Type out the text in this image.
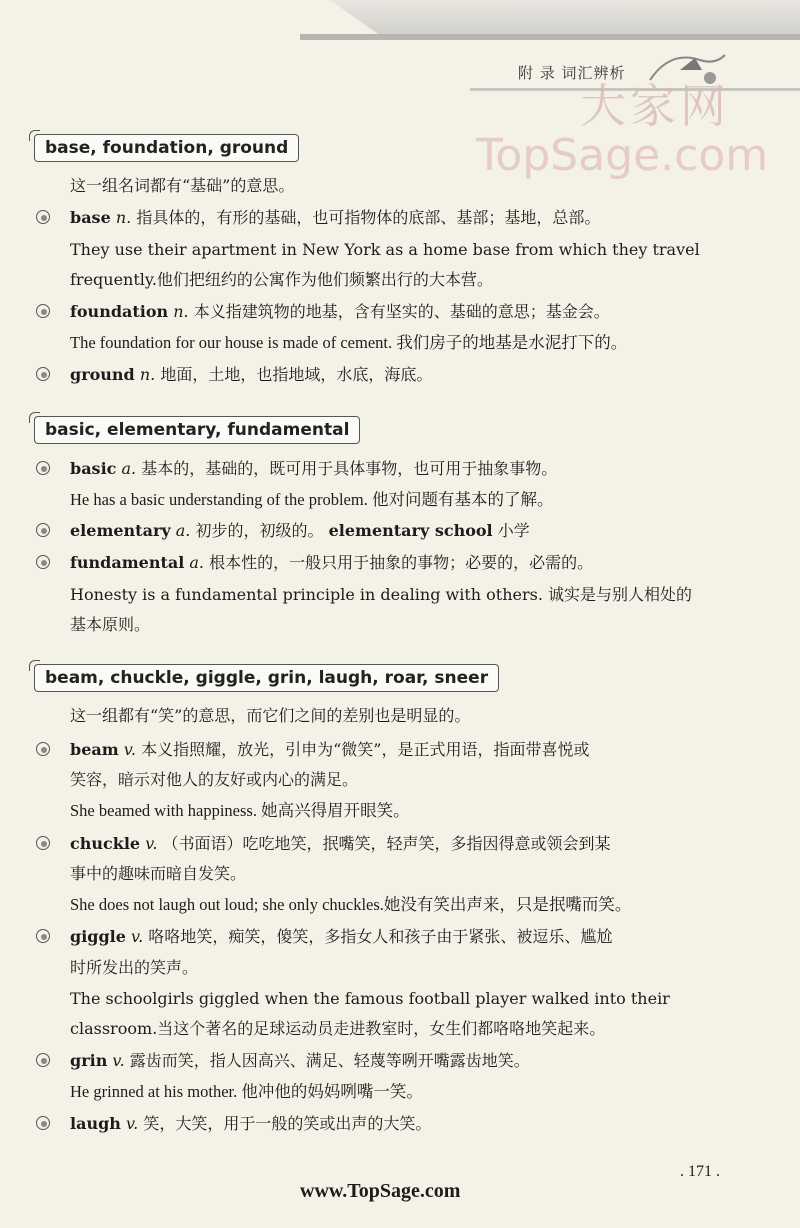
附 录 词汇辨析
大家网
TopSage.com
base, foundation, ground
这一组名词都有“基础”的意思。
base n. 指具体的，有形的基础，也可指物体的底部、基部；基地，总部。
They use their apartment in New York as a home base from which they travel
frequently.他们把纽约的公寓作为他们频繁出行的大本营。
foundation n. 本义指建筑物的地基，含有坚实的、基础的意思；基金会。
The foundation for our house is made of cement. 我们房子的地基是水泥打下的。
ground n. 地面，土地，也指地域，水底，海底。
basic, elementary, fundamental
basic a. 基本的，基础的，既可用于具体事物，也可用于抽象事物。
He has a basic understanding of the problem. 他对问题有基本的了解。
elementary a. 初步的，初级的。 elementary school 小学
fundamental a. 根本性的，一般只用于抽象的事物；必要的，必需的。
Honesty is a fundamental principle in dealing with others. 诚实是与别人相处的
基本原则。
beam, chuckle, giggle, grin, laugh, roar, sneer
这一组都有“笑”的意思，而它们之间的差别也是明显的。
beam v. 本义指照耀，放光，引申为“微笑”，是正式用语，指面带喜悦或
笑容，暗示对他人的友好或内心的满足。
She beamed with happiness. 她高兴得眉开眼笑。
chuckle v. （书面语）吃吃地笑，抿嘴笑，轻声笑，多指因得意或领会到某
事中的趣味而暗自发笑。
She does not laugh out loud; she only chuckles.她没有笑出声来，只是抿嘴而笑。
giggle v. 咯咯地笑，痴笑，傻笑，多指女人和孩子由于紧张、被逗乐、尴尬
时所发出的笑声。
The schoolgirls giggled when the famous football player walked into their
classroom.当这个著名的足球运动员走进教室时，女生们都咯咯地笑起来。
grin v. 露齿而笑，指人因高兴、满足、轻蔑等咧开嘴露齿地笑。
He grinned at his mother. 他冲他的妈妈咧嘴一笑。
laugh v. 笑，大笑，用于一般的笑或出声的大笑。
. 171 .
www.TopSage.com
